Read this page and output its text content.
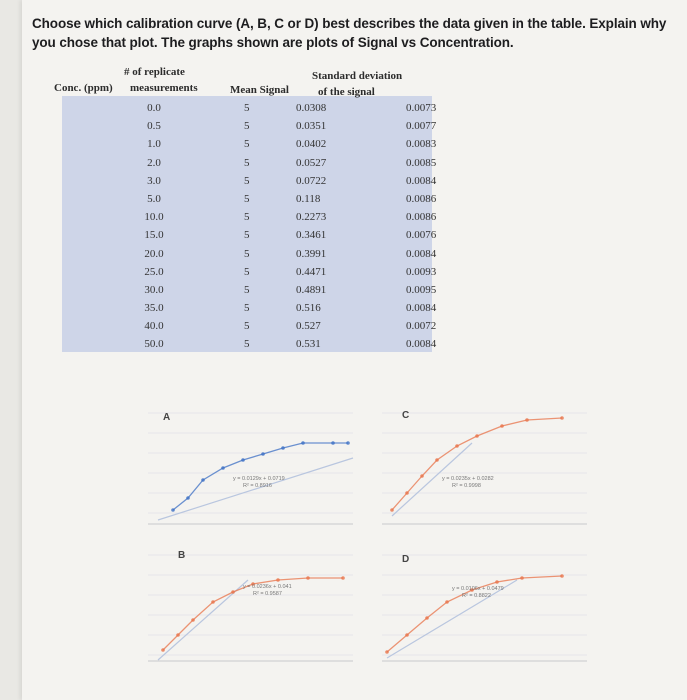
Choose which calibration curve (A, B, C or D) best describes the data given in the table. Explain why
you chose that plot. The graphs shown are plots of Signal vs Concentration.
# of replicate
Conc. (ppm) measurements	Mean Signal
Standard deviation
of the signal
0.0	5	0.0308	0.0073
0.5	5	0.0351	0.0077
1.0	5	0.0402	0.0083
2.0	5	0.0527	0.0085
3.0	5	0.0722	0.0084
5.0	5	0.118	0.0086
10.0	5	0.2273	0.0086
15.0	5	0.3461	0.0076
20.0	5	0.3991	0.0084
25.0	5	0.4471	0.0093
30.0	5	0.4891	0.0095
35.0	5	0.516	0.0084
40.0	5	0.527	0.0072
50.0	5	0.531	0.0084
A
y = 0.0129x + 0.0719
R² = 0.8916
C
y = 0.0235x + 0.0282
R² = 0.9998
B
y = 0.0236x + 0.041
R² = 0.9587
D
y = 0.0106x + 0.0479
R² = 0.8822
